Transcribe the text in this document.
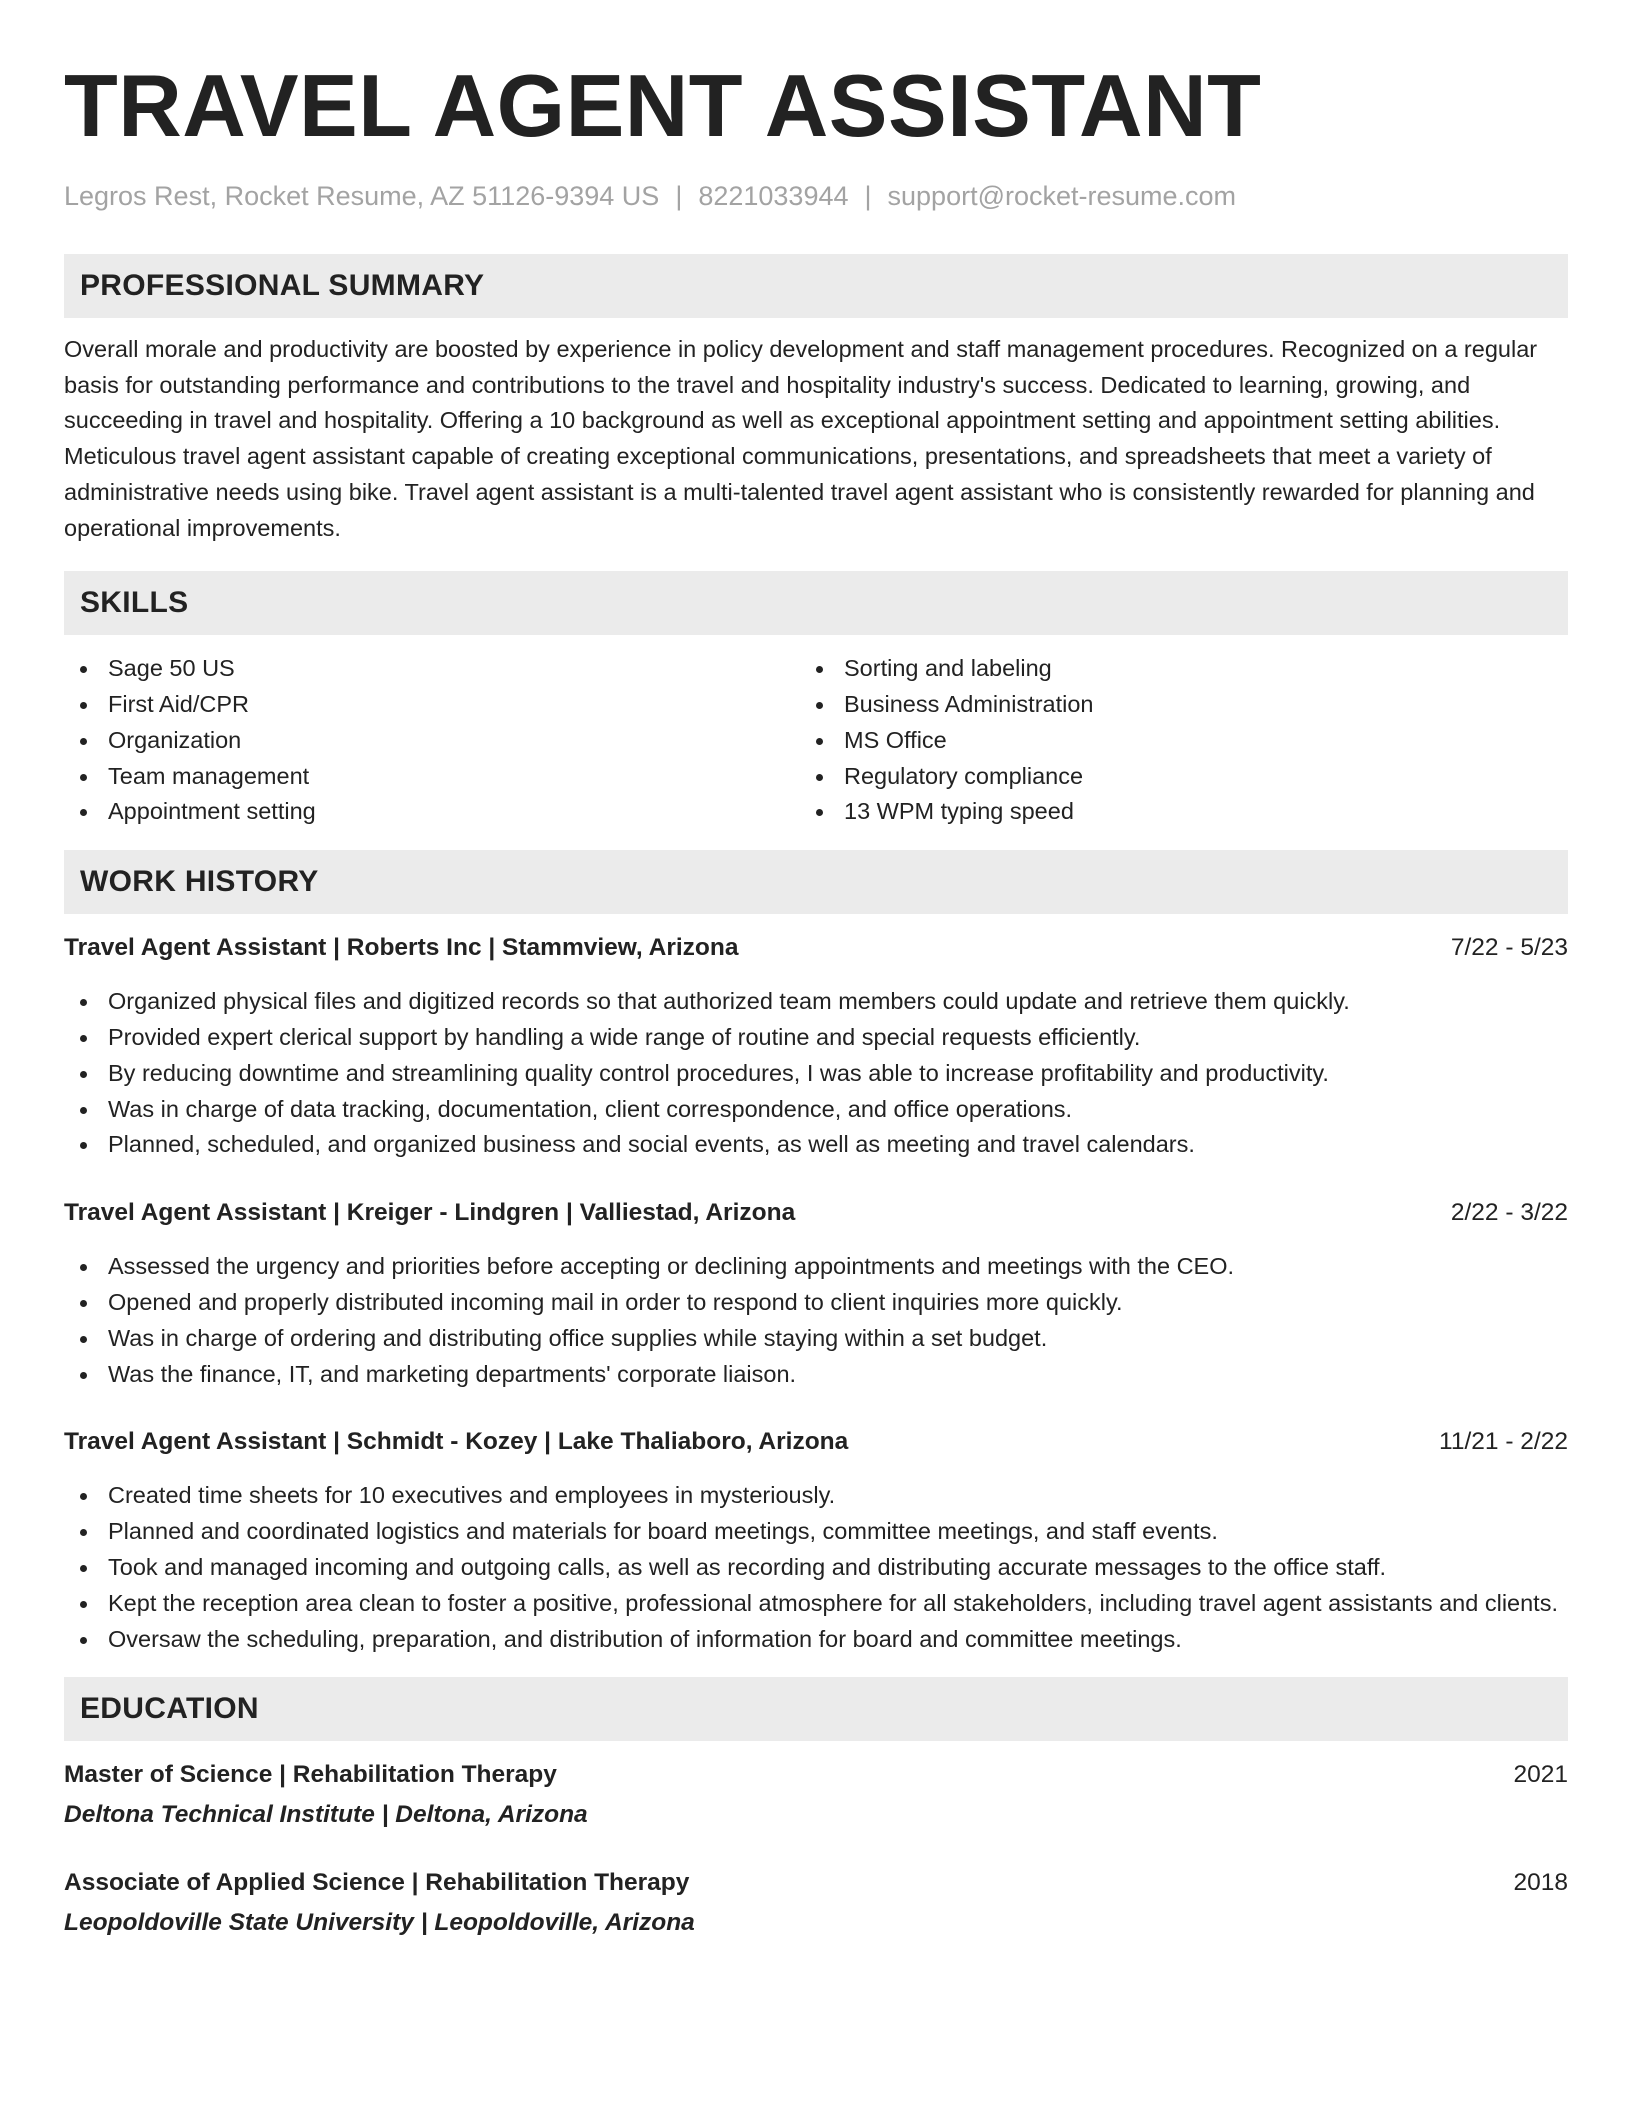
TRAVEL AGENT ASSISTANT
Legros Rest, Rocket Resume, AZ 51126-9394 US | 8221033944 | support@rocket-resume.com
PROFESSIONAL SUMMARY

Overall morale and productivity are boosted by experience in policy development and staff management procedures. Recognized on a regular basis for outstanding performance and contributions to the travel and hospitality industry's success. Dedicated to learning, growing, and succeeding in travel and hospitality. Offering a 10 background as well as exceptional appointment setting and appointment setting abilities. Meticulous travel agent assistant capable of creating exceptional communications, presentations, and spreadsheets that meet a variety of administrative needs using bike. Travel agent assistant is a multi-talented travel agent assistant who is consistently rewarded for planning and operational improvements.

SKILLS
Sage 50 US
First Aid/CPR
Organization
Team management
Appointment setting
Sorting and labeling
Business Administration
MS Office
Regulatory compliance
13 WPM typing speed
WORK HISTORY
Travel Agent Assistant | Roberts Inc | Stammview, Arizona	7/22 - 5/23
Organized physical files and digitized records so that authorized team members could update and retrieve them quickly.
Provided expert clerical support by handling a wide range of routine and special requests efficiently.
By reducing downtime and streamlining quality control procedures, I was able to increase profitability and productivity.
Was in charge of data tracking, documentation, client correspondence, and office operations.
Planned, scheduled, and organized business and social events, as well as meeting and travel calendars.
Travel Agent Assistant | Kreiger - Lindgren | Valliestad, Arizona	2/22 - 3/22
Assessed the urgency and priorities before accepting or declining appointments and meetings with the CEO.
Opened and properly distributed incoming mail in order to respond to client inquiries more quickly.
Was in charge of ordering and distributing office supplies while staying within a set budget.
Was the finance, IT, and marketing departments' corporate liaison.
Travel Agent Assistant | Schmidt - Kozey | Lake Thaliaboro, Arizona	11/21 - 2/22
Created time sheets for 10 executives and employees in mysteriously.
Planned and coordinated logistics and materials for board meetings, committee meetings, and staff events.
Took and managed incoming and outgoing calls, as well as recording and distributing accurate messages to the office staff.
Kept the reception area clean to foster a positive, professional atmosphere for all stakeholders, including travel agent assistants and clients.
Oversaw the scheduling, preparation, and distribution of information for board and committee meetings.
EDUCATION
Master of Science | Rehabilitation Therapy	2021
Deltona Technical Institute | Deltona, Arizona
Associate of Applied Science | Rehabilitation Therapy	2018
Leopoldoville State University | Leopoldoville, Arizona
